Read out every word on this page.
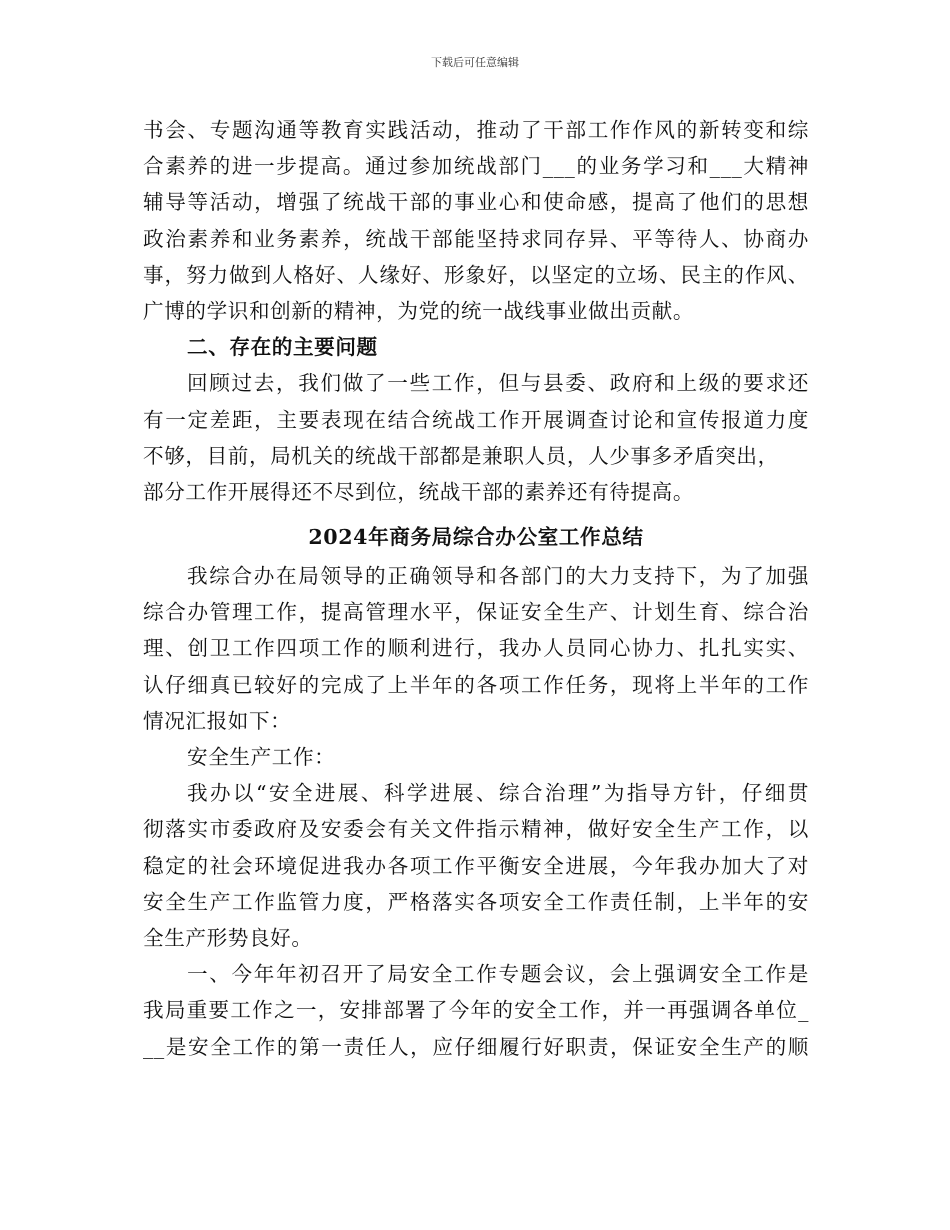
下载后可任意编辑
书会、专题沟通等教育实践活动，推动了干部工作作风的新转变和综
合素养的进一步提高。通过参加统战部门___的业务学习和___大精神
辅导等活动，增强了统战干部的事业心和使命感，提高了他们的思想
政治素养和业务素养，统战干部能坚持求同存异、平等待人、协商办
事，努力做到人格好、人缘好、形象好，以坚定的立场、民主的作风、
广博的学识和创新的精神，为党的统一战线事业做出贡献。
二、存在的主要问题
回顾过去，我们做了一些工作，但与县委、政府和上级的要求还
有一定差距，主要表现在结合统战工作开展调查讨论和宣传报道力度
不够，目前，局机关的统战干部都是兼职人员，人少事多矛盾突出，
部分工作开展得还不尽到位，统战干部的素养还有待提高。
2024年商务局综合办公室工作总结
我综合办在局领导的正确领导和各部门的大力支持下，为了加强
综合办管理工作，提高管理水平，保证安全生产、计划生育、综合治
理、创卫工作四项工作的顺利进行，我办人员同心协力、扎扎实实、
认仔细真已较好的完成了上半年的各项工作任务，现将上半年的工作
情况汇报如下：
安全生产工作：
我办以“安全进展、科学进展、综合治理”为指导方针，仔细贯
彻落实市委政府及安委会有关文件指示精神，做好安全生产工作，以
稳定的社会环境促进我办各项工作平衡安全进展，今年我办加大了对
安全生产工作监管力度，严格落实各项安全工作责任制，上半年的安
全生产形势良好。
一、今年年初召开了局安全工作专题会议，会上强调安全工作是
我局重要工作之一，安排部署了今年的安全工作，并一再强调各单位_
__是安全工作的第一责任人，应仔细履行好职责，保证安全生产的顺
